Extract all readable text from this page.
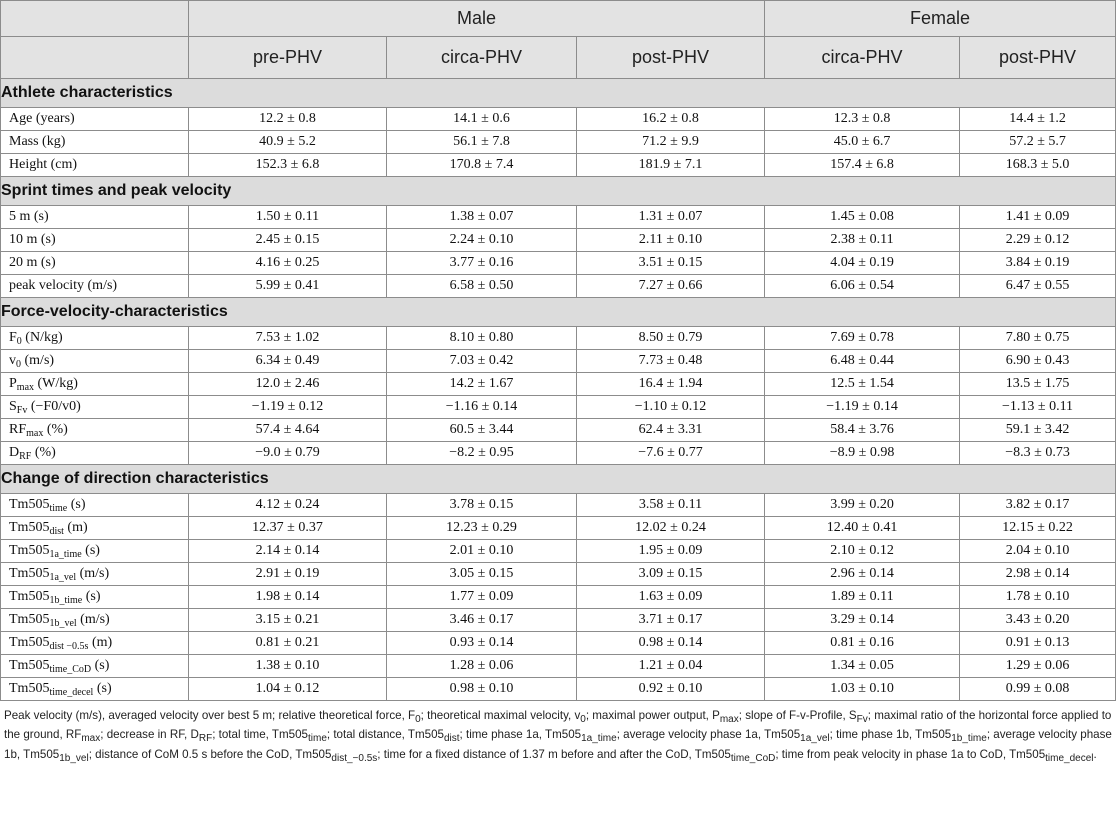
	Male			Female	
	pre-PHV	circa-PHV	post-PHV	circa-PHV	post-PHV
Athlete characteristics					
Age (years)	12.2 ± 0.8	14.1 ± 0.6	16.2 ± 0.8	12.3 ± 0.8	14.4 ± 1.2
Mass (kg)	40.9 ± 5.2	56.1 ± 7.8	71.2 ± 9.9	45.0 ± 6.7	57.2 ± 5.7
Height (cm)	152.3 ± 6.8	170.8 ± 7.4	181.9 ± 7.1	157.4 ± 6.8	168.3 ± 5.0
Sprint times and peak velocity					
5 m (s)	1.50 ± 0.11	1.38 ± 0.07	1.31 ± 0.07	1.45 ± 0.08	1.41 ± 0.09
10 m (s)	2.45 ± 0.15	2.24 ± 0.10	2.11 ± 0.10	2.38 ± 0.11	2.29 ± 0.12
20 m (s)	4.16 ± 0.25	3.77 ± 0.16	3.51 ± 0.15	4.04 ± 0.19	3.84 ± 0.19
peak velocity (m/s)	5.99 ± 0.41	6.58 ± 0.50	7.27 ± 0.66	6.06 ± 0.54	6.47 ± 0.55
Force-velocity-characteristics					
$F_0$ (N/kg)	7.53 ± 1.02	8.10 ± 0.80	8.50 ± 0.79	7.69 ± 0.78	7.80 ± 0.75
$v_0$ (m/s)	6.34 ± 0.49	7.03 ± 0.42	7.73 ± 0.48	6.48 ± 0.44	6.90 ± 0.43
$P_{max}$ (W/kg)	12.0 ± 2.46	14.2 ± 1.67	16.4 ± 1.94	12.5 ± 1.54	13.5 ± 1.75
$S_{Fv}$ (−F0/v0)	−1.19 ± 0.12	−1.16 ± 0.14	−1.10 ± 0.12	−1.19 ± 0.14	−1.13 ± 0.11
$RF_{max}$ (%)	57.4 ± 4.64	60.5 ± 3.44	62.4 ± 3.31	58.4 ± 3.76	59.1 ± 3.42
$D_{RF}$ (%)	−9.0 ± 0.79	−8.2 ± 0.95	−7.6 ± 0.77	−8.9 ± 0.98	−8.3 ± 0.73
Change of direction characteristics					
$Tm505_{time}$ (s)	4.12 ± 0.24	3.78 ± 0.15	3.58 ± 0.11	3.99 ± 0.20	3.82 ± 0.17
$Tm505_{dist}$ (m)	12.37 ± 0.37	12.23 ± 0.29	12.02 ± 0.24	12.40 ± 0.41	12.15 ± 0.22
$Tm505_{1a\_time}$ (s)	2.14 ± 0.14	2.01 ± 0.10	1.95 ± 0.09	2.10 ± 0.12	2.04 ± 0.10
$Tm505_{1a\_vel}$ (m/s)	2.91 ± 0.19	3.05 ± 0.15	3.09 ± 0.15	2.96 ± 0.14	2.98 ± 0.14
$Tm505_{1b\_time}$ (s)	1.98 ± 0.14	1.77 ± 0.09	1.63 ± 0.09	1.89 ± 0.11	1.78 ± 0.10
$Tm505_{1b\_vel}$ (m/s)	3.15 ± 0.21	3.46 ± 0.17	3.71 ± 0.17	3.29 ± 0.14	3.43 ± 0.20
$Tm505_{dist -0.5s}$ (m)	0.81 ± 0.21	0.93 ± 0.14	0.98 ± 0.14	0.81 ± 0.16	0.91 ± 0.13
$Tm505_{time\_CoD}$ (s)	1.38 ± 0.10	1.28 ± 0.06	1.21 ± 0.04	1.34 ± 0.05	1.29 ± 0.06
$Tm505_{time\_decel}$ (s)	1.04 ± 0.12	0.98 ± 0.10	0.92 ± 0.10	1.03 ± 0.10	0.99 ± 0.08
Peak velocity (m/s), averaged velocity over best 5 m; relative theoretical force, $F_0$; theoretical maximal velocity, $v_0$; maximal power output, $P_{max}$; slope of F-v-Profile, $S_{Fv}$; maximal ratio of the horizontal force applied to the ground, $RF_{max}$; decrease in RF, $D_{RF}$; total time, $Tm505_{time}$; total distance, $Tm505_{dist}$; time phase 1a, $Tm505_{1a\_time}$; average velocity phase 1a, $Tm505_{1a\_vel}$; time phase 1b, $Tm505_{1b\_time}$; average velocity phase 1b, $Tm505_{1b\_vel}$; distance of CoM 0.5 s before the CoD, $Tm505_{dist\_-0.5s}$; time for a fixed distance of 1.37 m before and after the CoD, $Tm505_{time\_CoD}$; time from peak velocity in phase 1a to CoD, $Tm505_{time\_decel}$.
